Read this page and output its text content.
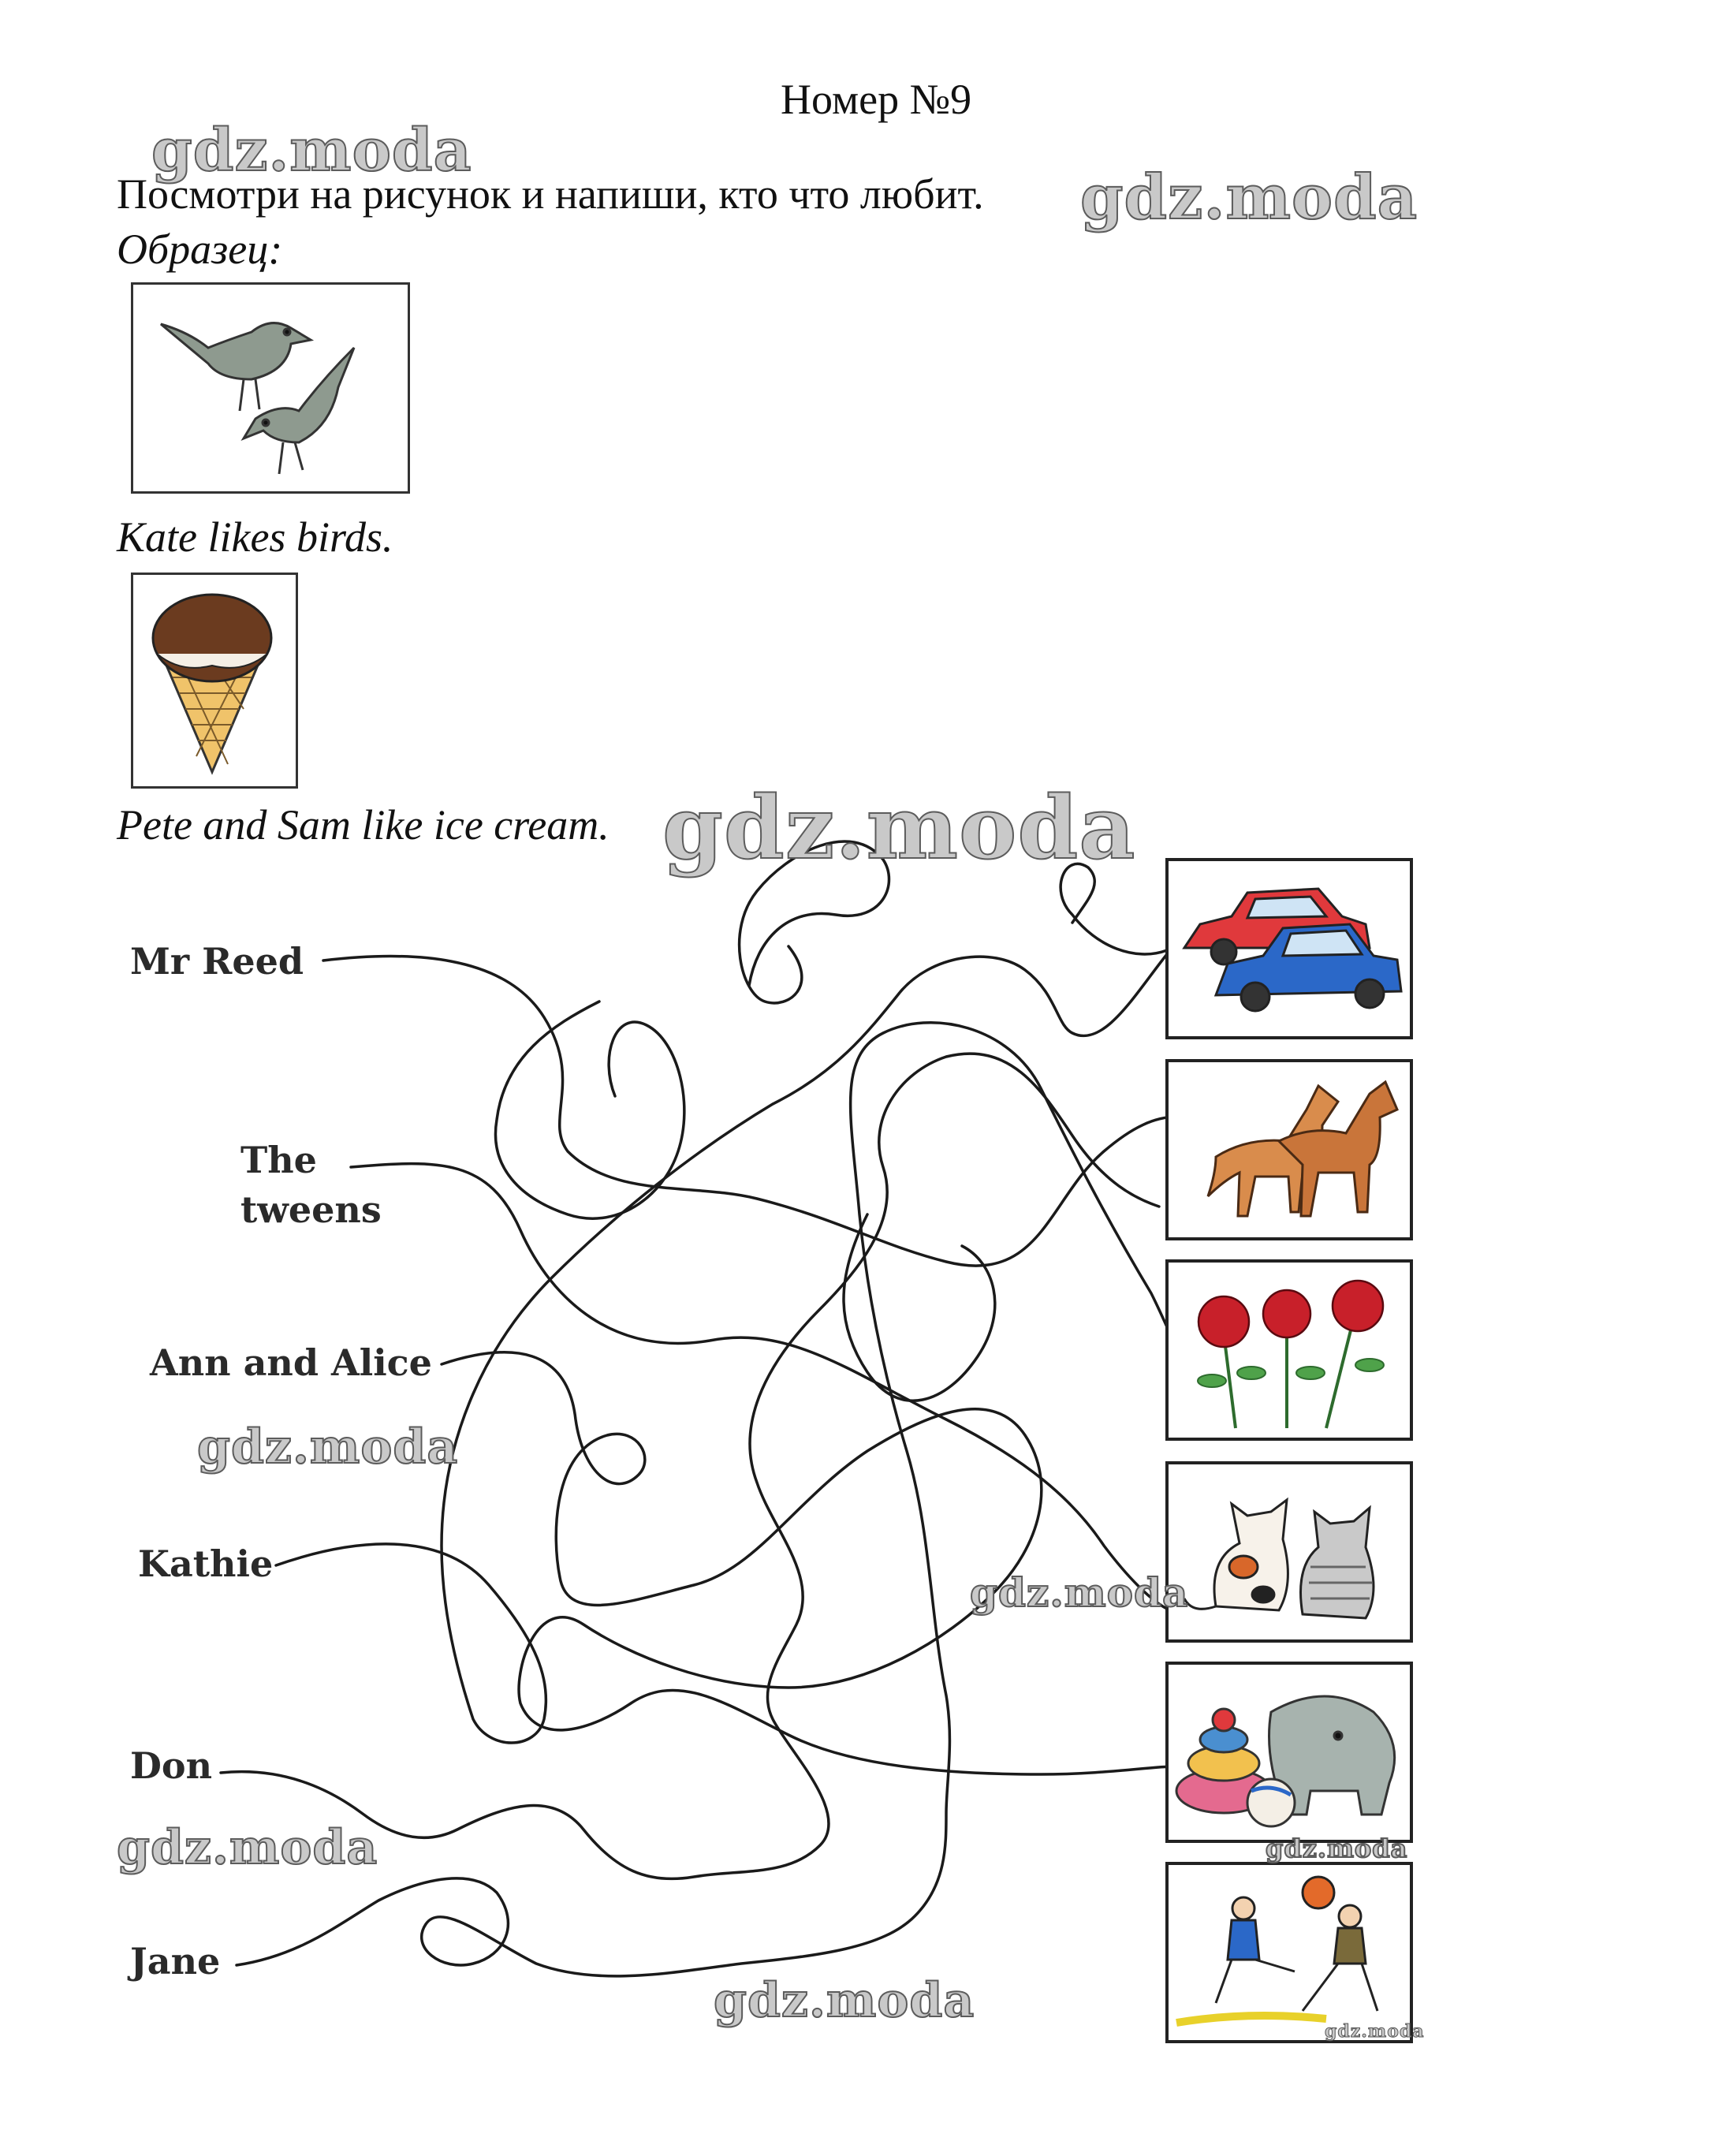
Номер №9
Посмотри на рисунок и напиши, кто что любит.
Образец:
Kate likes birds.
Pete and Sam like ice cream.
Mr Reed
The
tweens
Ann and Alice
Kathie
Don
Jane
gdz.moda
gdz.moda
gdz.moda
gdz.moda
gdz.moda
gdz.moda	gdz.moda
gdz.moda
gdz.moda
